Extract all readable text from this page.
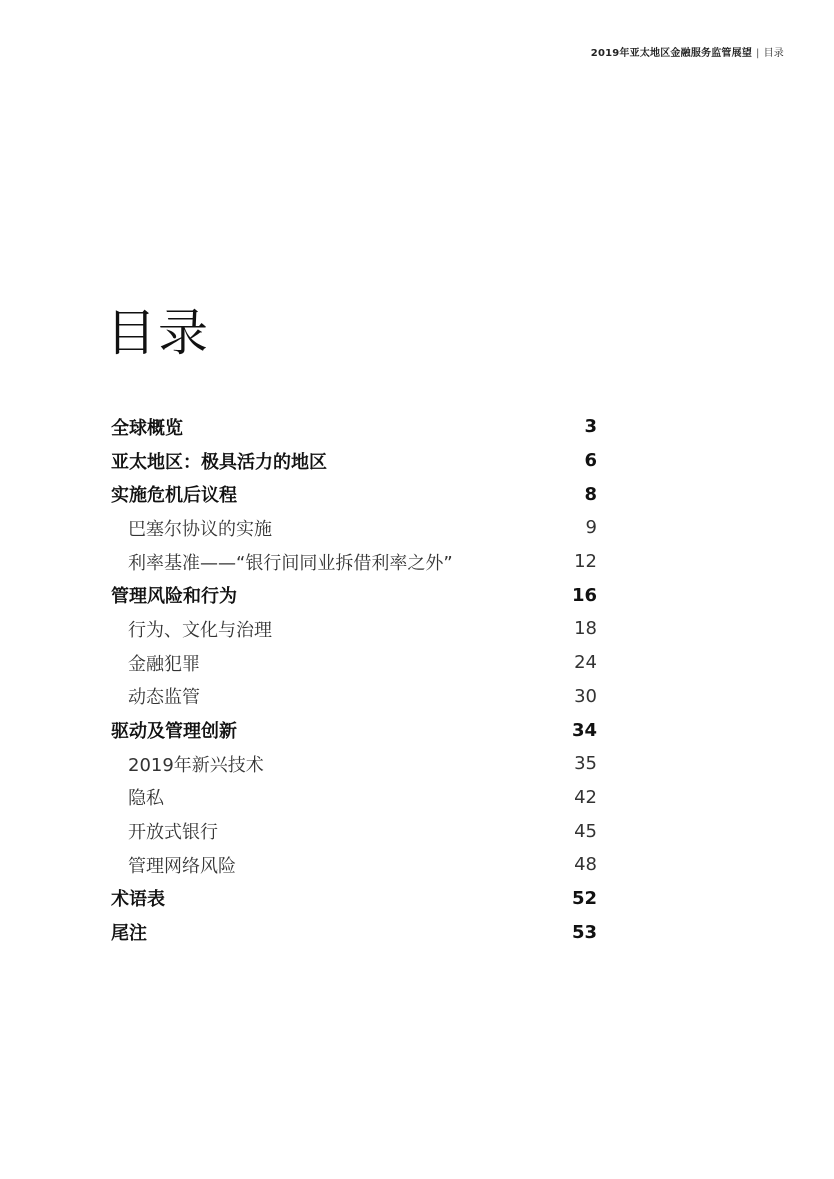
2019年亚太地区金融服务监管展望 | 目录
目录
全球概览	3
亚太地区：极具活力的地区	6
实施危机后议程	8
巴塞尔协议的实施	9
利率基准——“银行间同业拆借利率之外”	12
管理风险和行为	16
行为、文化与治理	18
金融犯罪	24
动态监管	30
驱动及管理创新	34
2019年新兴技术	35
隐私	42
开放式银行	45
管理网络风险	48
术语表	52
尾注	53
